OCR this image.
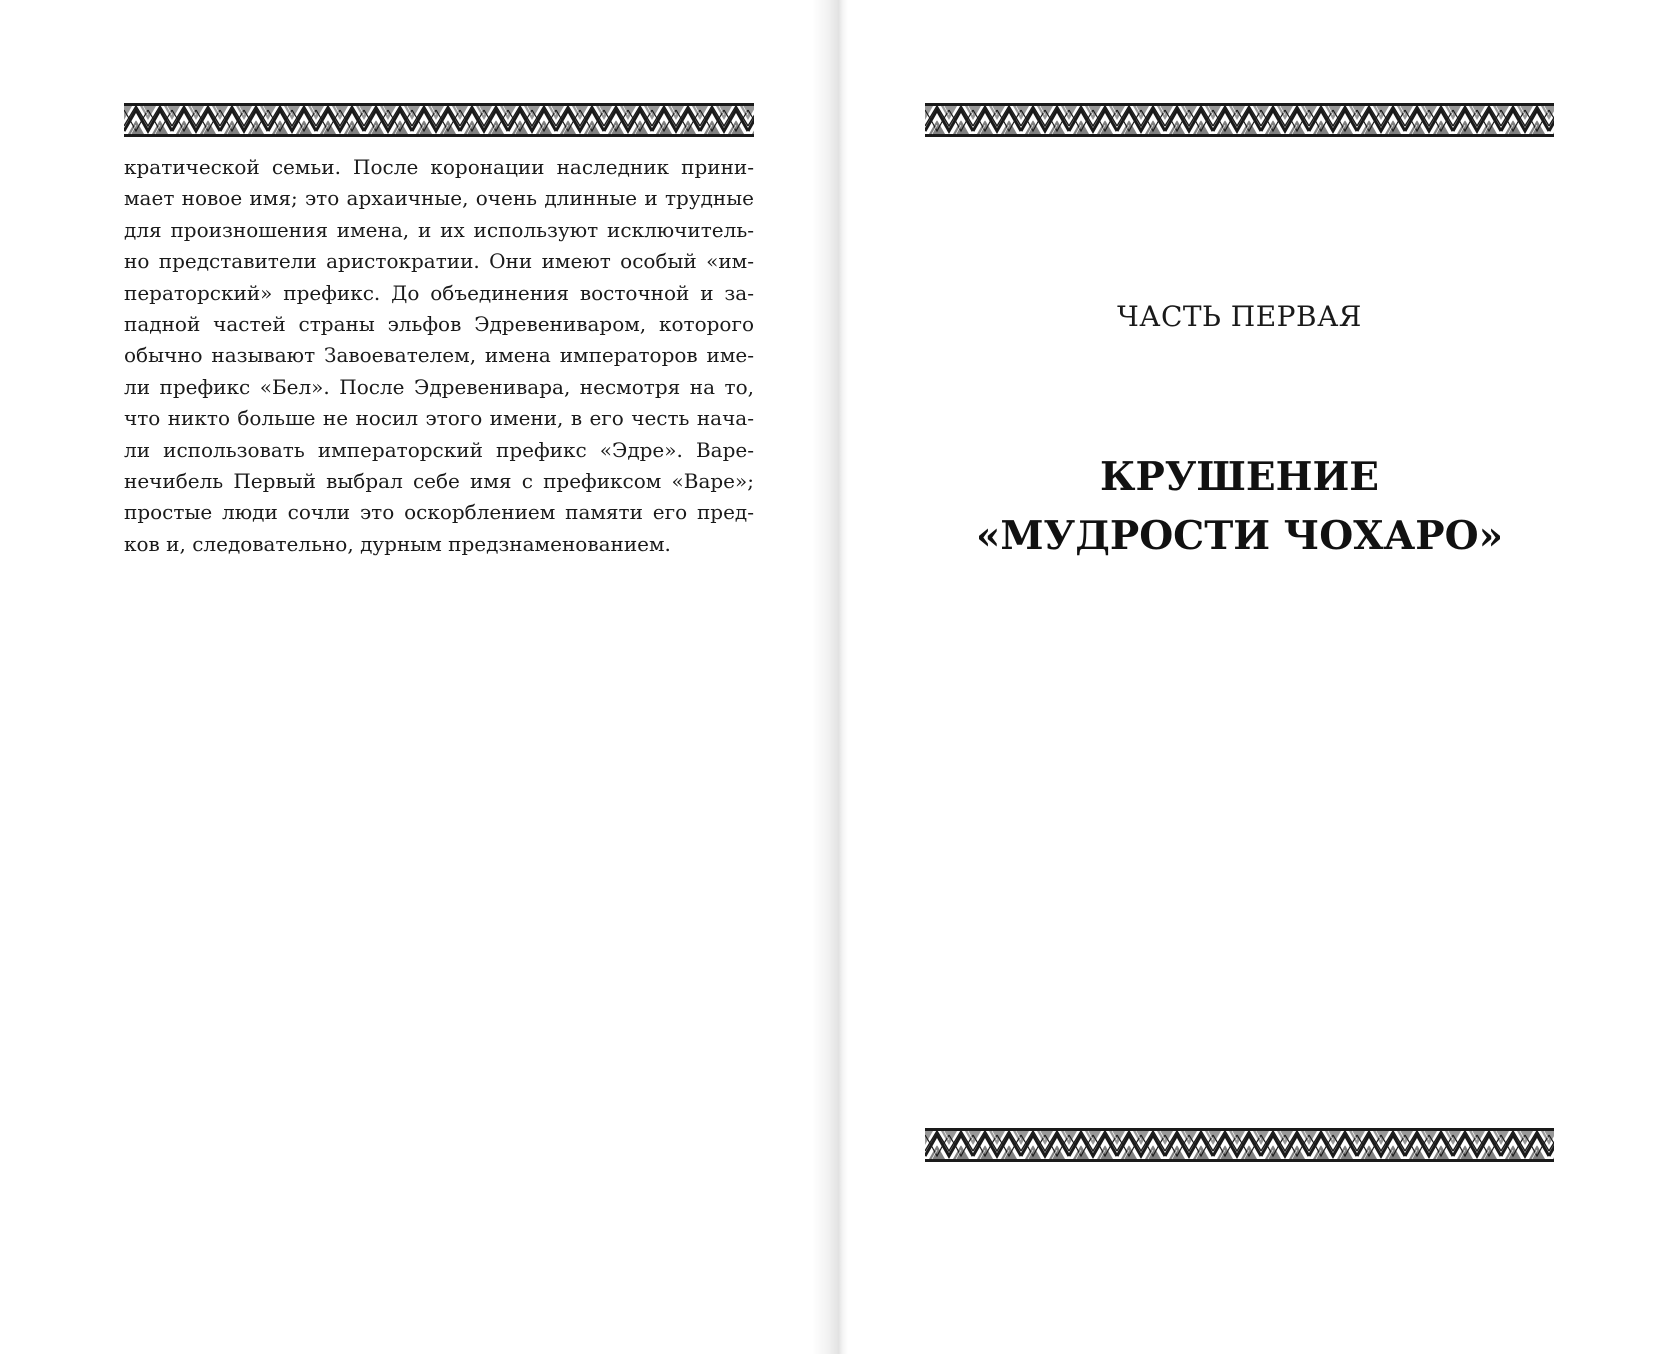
кратической семьи. После коронации наследник прини-
мает новое имя; это архаичные, очень длинные и трудные
для произношения имена, и их используют исключитель-
но представители аристократии. Они имеют особый «им-
ператорский» префикс. До объединения восточной и за-
падной частей страны эльфов Эдревениваром, которого
обычно называют Завоевателем, имена императоров име-
ли префикс «Бел». После Эдревенивара, несмотря на то,
что никто больше не носил этого имени, в его честь нача-
ли использовать императорский префикс «Эдре». Варе-
нечибель Первый выбрал себе имя с префиксом «Варе»;
простые люди сочли это оскорблением памяти его пред-
ков и, следовательно, дурным предзнаменованием.
ЧАСТЬ ПЕРВАЯ
КРУШЕНИЕ
«МУДРОСТИ ЧОХАРО»
